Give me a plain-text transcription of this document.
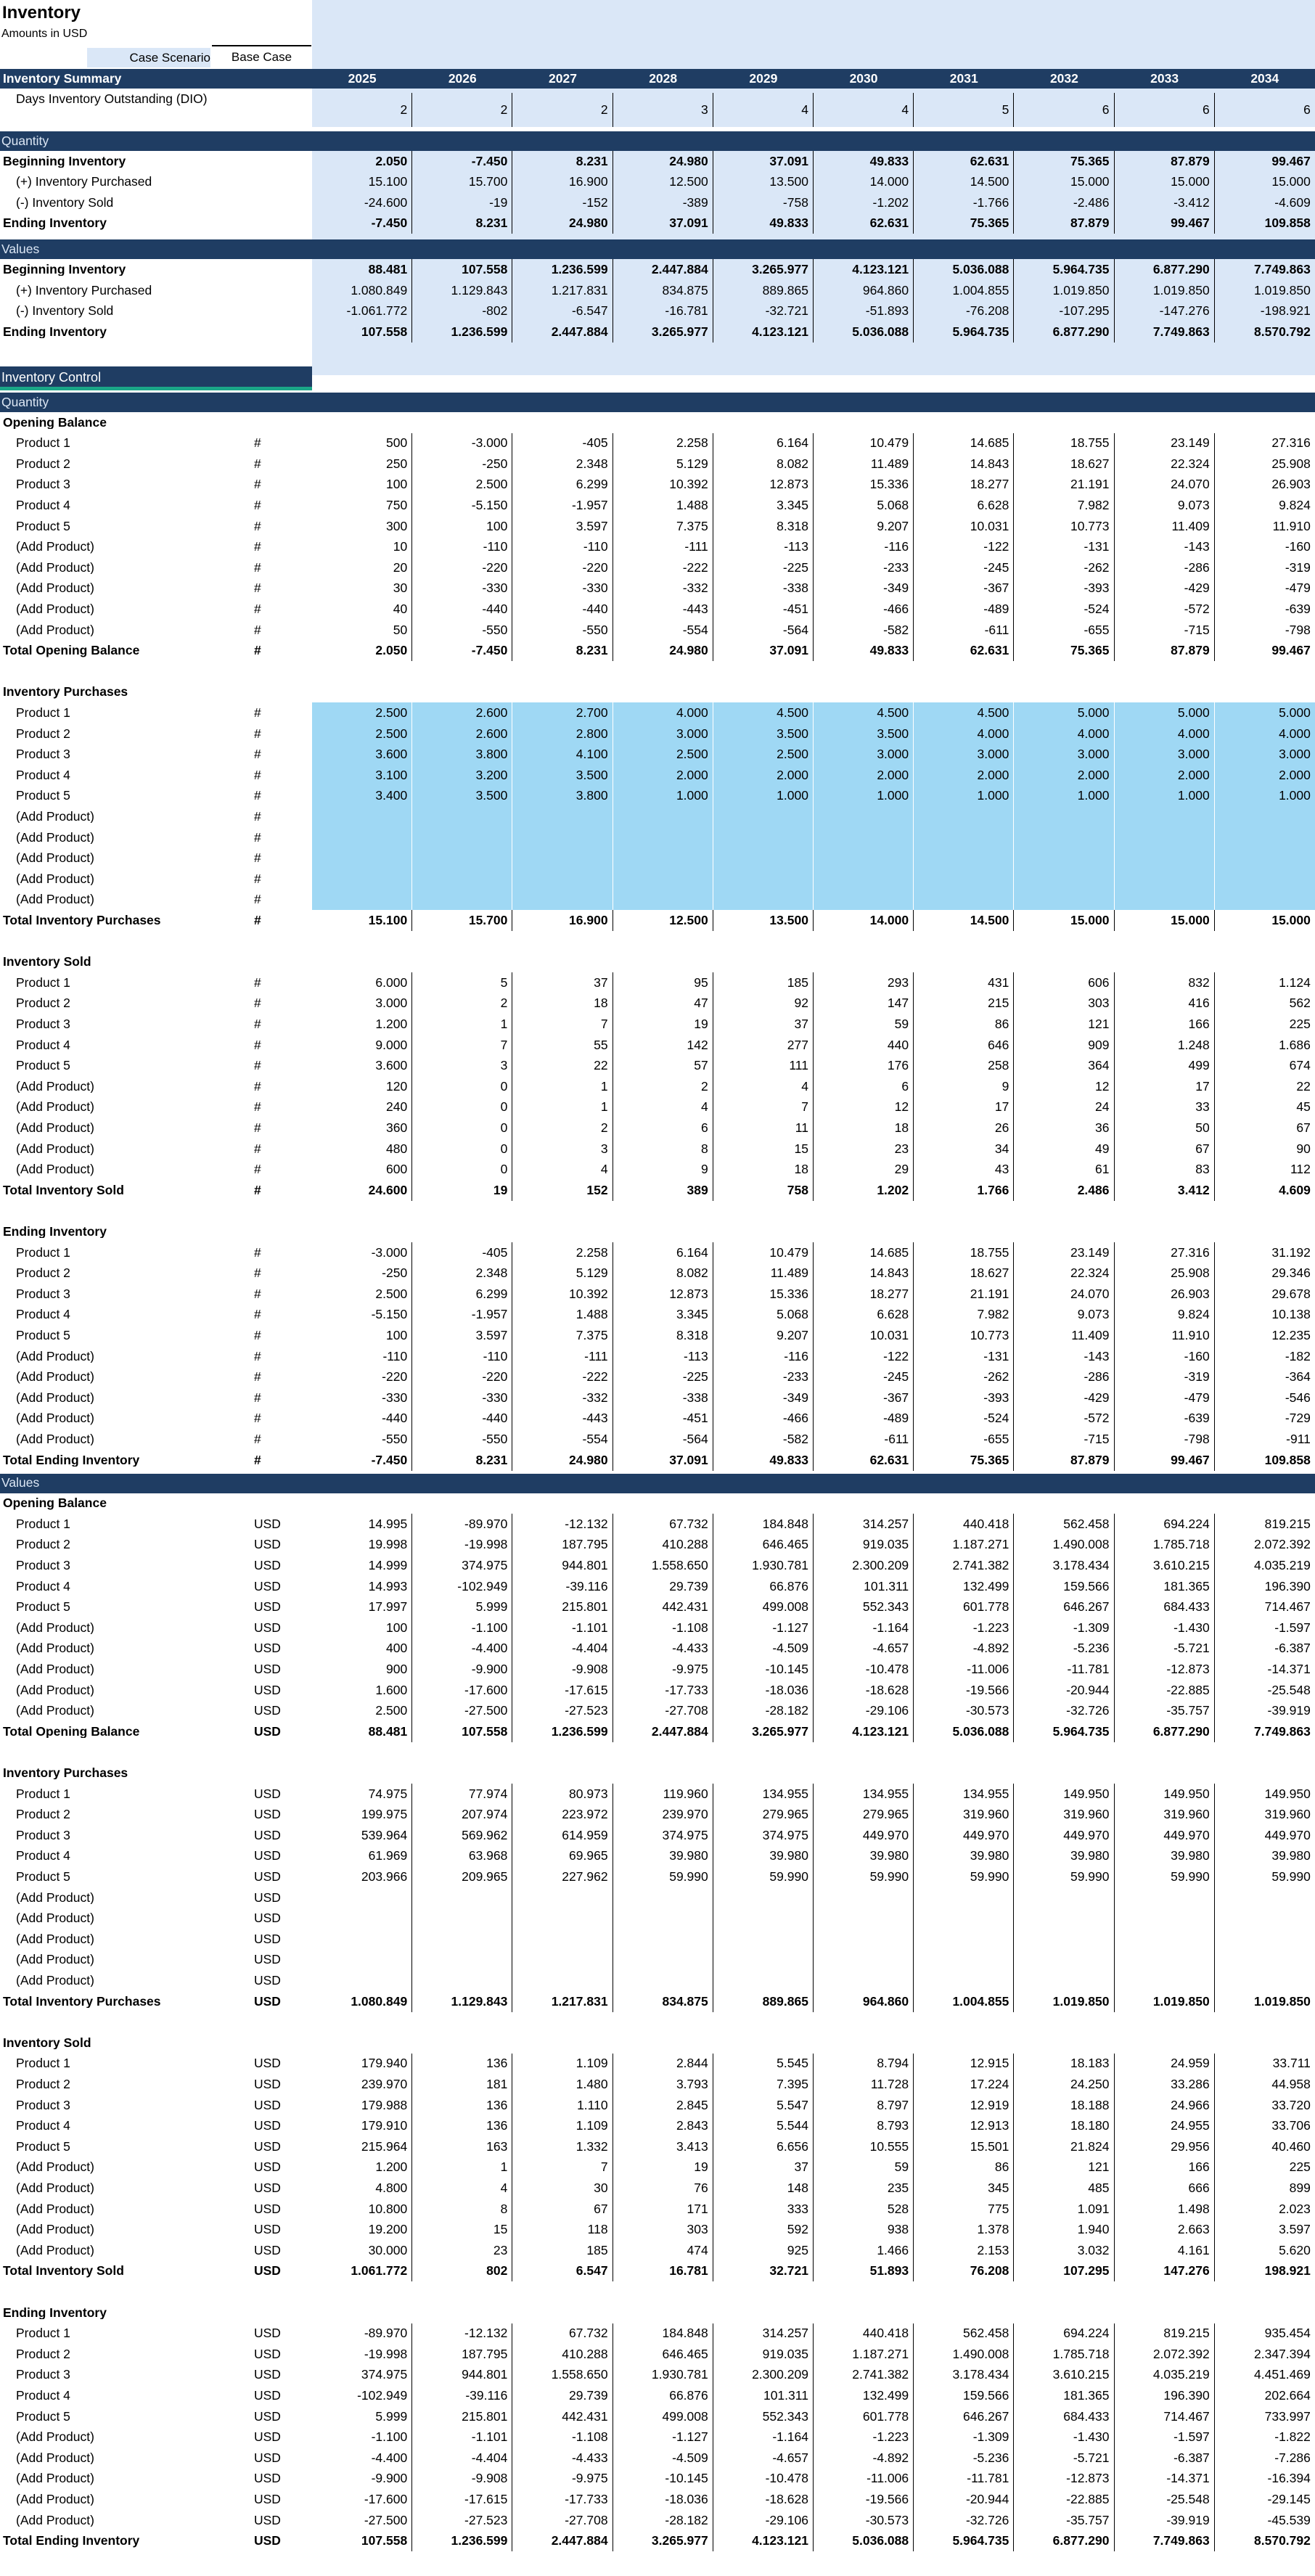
Inventory
Amounts in USD
Case Scenario	Base Case
Inventory Summary	2025	2026	2027	2028	2029	2030	2031	2032	2033	2034
Days Inventory Outstanding (DIO)
2	2	2	3	4	4	5	6	6	6
Quantity
Beginning Inventory	2.050	-7.450	8.231	24.980	37.091	49.833	62.631	75.365	87.879	99.467
(+) Inventory Purchased	15.100	15.700	16.900	12.500	13.500	14.000	14.500	15.000	15.000	15.000
(-) Inventory Sold	-24.600	-19	-152	-389	-758	-1.202	-1.766	-2.486	-3.412	-4.609
Ending Inventory	-7.450	8.231	24.980	37.091	49.833	62.631	75.365	87.879	99.467	109.858
Values
Beginning Inventory	88.481	107.558	1.236.599	2.447.884	3.265.977	4.123.121	5.036.088	5.964.735	6.877.290	7.749.863
(+) Inventory Purchased	1.080.849	1.129.843	1.217.831	834.875	889.865	964.860	1.004.855	1.019.850	1.019.850	1.019.850
(-) Inventory Sold	-1.061.772	-802	-6.547	-16.781	-32.721	-51.893	-76.208	-107.295	-147.276	-198.921
Ending Inventory	107.558	1.236.599	2.447.884	3.265.977	4.123.121	5.036.088	5.964.735	6.877.290	7.749.863	8.570.792
Quantity
Opening Balance
Product 1	#	500	-3.000	-405	2.258	6.164	10.479	14.685	18.755	23.149	27.316
Product 2	#	250	-250	2.348	5.129	8.082	11.489	14.843	18.627	22.324	25.908
Product 3	#	100	2.500	6.299	10.392	12.873	15.336	18.277	21.191	24.070	26.903
Product 4	#	750	-5.150	-1.957	1.488	3.345	5.068	6.628	7.982	9.073	9.824
Product 5	#	300	100	3.597	7.375	8.318	9.207	10.031	10.773	11.409	11.910
(Add Product)	#	10	-110	-110	-111	-113	-116	-122	-131	-143	-160
(Add Product)	#	20	-220	-220	-222	-225	-233	-245	-262	-286	-319
(Add Product)	#	30	-330	-330	-332	-338	-349	-367	-393	-429	-479
(Add Product)	#	40	-440	-440	-443	-451	-466	-489	-524	-572	-639
(Add Product)	#	50	-550	-550	-554	-564	-582	-611	-655	-715	-798
Total Opening Balance	#	2.050	-7.450	8.231	24.980	37.091	49.833	62.631	75.365	87.879	99.467
Inventory Purchases
Product 1	#	2.500	2.600	2.700	4.000	4.500	4.500	4.500	5.000	5.000	5.000
Product 2	#	2.500	2.600	2.800	3.000	3.500	3.500	4.000	4.000	4.000	4.000
Product 3	#	3.600	3.800	4.100	2.500	2.500	3.000	3.000	3.000	3.000	3.000
Product 4	#	3.100	3.200	3.500	2.000	2.000	2.000	2.000	2.000	2.000	2.000
Product 5	#	3.400	3.500	3.800	1.000	1.000	1.000	1.000	1.000	1.000	1.000
(Add Product)	#
(Add Product)	#
(Add Product)	#
(Add Product)	#
(Add Product)	#
Total Inventory Purchases	#	15.100	15.700	16.900	12.500	13.500	14.000	14.500	15.000	15.000	15.000
Inventory Sold
Product 1	#	6.000	5	37	95	185	293	431	606	832	1.124
Product 2	#	3.000	2	18	47	92	147	215	303	416	562
Product 3	#	1.200	1	7	19	37	59	86	121	166	225
Product 4	#	9.000	7	55	142	277	440	646	909	1.248	1.686
Product 5	#	3.600	3	22	57	111	176	258	364	499	674
(Add Product)	#	120	0	1	2	4	6	9	12	17	22
(Add Product)	#	240	0	1	4	7	12	17	24	33	45
(Add Product)	#	360	0	2	6	11	18	26	36	50	67
(Add Product)	#	480	0	3	8	15	23	34	49	67	90
(Add Product)	#	600	0	4	9	18	29	43	61	83	112
Total Inventory Sold	#	24.600	19	152	389	758	1.202	1.766	2.486	3.412	4.609
Ending Inventory
Product 1	#	-3.000	-405	2.258	6.164	10.479	14.685	18.755	23.149	27.316	31.192
Product 2	#	-250	2.348	5.129	8.082	11.489	14.843	18.627	22.324	25.908	29.346
Product 3	#	2.500	6.299	10.392	12.873	15.336	18.277	21.191	24.070	26.903	29.678
Product 4	#	-5.150	-1.957	1.488	3.345	5.068	6.628	7.982	9.073	9.824	10.138
Product 5	#	100	3.597	7.375	8.318	9.207	10.031	10.773	11.409	11.910	12.235
(Add Product)	#	-110	-110	-111	-113	-116	-122	-131	-143	-160	-182
(Add Product)	#	-220	-220	-222	-225	-233	-245	-262	-286	-319	-364
(Add Product)	#	-330	-330	-332	-338	-349	-367	-393	-429	-479	-546
(Add Product)	#	-440	-440	-443	-451	-466	-489	-524	-572	-639	-729
(Add Product)	#	-550	-550	-554	-564	-582	-611	-655	-715	-798	-911
Total Ending Inventory	#	-7.450	8.231	24.980	37.091	49.833	62.631	75.365	87.879	99.467	109.858
Values
Opening Balance
Product 1	USD	14.995	-89.970	-12.132	67.732	184.848	314.257	440.418	562.458	694.224	819.215
Product 2	USD	19.998	-19.998	187.795	410.288	646.465	919.035	1.187.271	1.490.008	1.785.718	2.072.392
Product 3	USD	14.999	374.975	944.801	1.558.650	1.930.781	2.300.209	2.741.382	3.178.434	3.610.215	4.035.219
Product 4	USD	14.993	-102.949	-39.116	29.739	66.876	101.311	132.499	159.566	181.365	196.390
Product 5	USD	17.997	5.999	215.801	442.431	499.008	552.343	601.778	646.267	684.433	714.467
(Add Product)	USD	100	-1.100	-1.101	-1.108	-1.127	-1.164	-1.223	-1.309	-1.430	-1.597
(Add Product)	USD	400	-4.400	-4.404	-4.433	-4.509	-4.657	-4.892	-5.236	-5.721	-6.387
(Add Product)	USD	900	-9.900	-9.908	-9.975	-10.145	-10.478	-11.006	-11.781	-12.873	-14.371
(Add Product)	USD	1.600	-17.600	-17.615	-17.733	-18.036	-18.628	-19.566	-20.944	-22.885	-25.548
(Add Product)	USD	2.500	-27.500	-27.523	-27.708	-28.182	-29.106	-30.573	-32.726	-35.757	-39.919
Total Opening Balance	USD	88.481	107.558	1.236.599	2.447.884	3.265.977	4.123.121	5.036.088	5.964.735	6.877.290	7.749.863
Inventory Purchases
Product 1	USD	74.975	77.974	80.973	119.960	134.955	134.955	134.955	149.950	149.950	149.950
Product 2	USD	199.975	207.974	223.972	239.970	279.965	279.965	319.960	319.960	319.960	319.960
Product 3	USD	539.964	569.962	614.959	374.975	374.975	449.970	449.970	449.970	449.970	449.970
Product 4	USD	61.969	63.968	69.965	39.980	39.980	39.980	39.980	39.980	39.980	39.980
Product 5	USD	203.966	209.965	227.962	59.990	59.990	59.990	59.990	59.990	59.990	59.990
(Add Product)	USD
(Add Product)	USD
(Add Product)	USD
(Add Product)	USD
(Add Product)	USD
Total Inventory Purchases	USD	1.080.849	1.129.843	1.217.831	834.875	889.865	964.860	1.004.855	1.019.850	1.019.850	1.019.850
Inventory Sold
Product 1	USD	179.940	136	1.109	2.844	5.545	8.794	12.915	18.183	24.959	33.711
Product 2	USD	239.970	181	1.480	3.793	7.395	11.728	17.224	24.250	33.286	44.958
Product 3	USD	179.988	136	1.110	2.845	5.547	8.797	12.919	18.188	24.966	33.720
Product 4	USD	179.910	136	1.109	2.843	5.544	8.793	12.913	18.180	24.955	33.706
Product 5	USD	215.964	163	1.332	3.413	6.656	10.555	15.501	21.824	29.956	40.460
(Add Product)	USD	1.200	1	7	19	37	59	86	121	166	225
(Add Product)	USD	4.800	4	30	76	148	235	345	485	666	899
(Add Product)	USD	10.800	8	67	171	333	528	775	1.091	1.498	2.023
(Add Product)	USD	19.200	15	118	303	592	938	1.378	1.940	2.663	3.597
(Add Product)	USD	30.000	23	185	474	925	1.466	2.153	3.032	4.161	5.620
Total Inventory Sold	USD	1.061.772	802	6.547	16.781	32.721	51.893	76.208	107.295	147.276	198.921
Ending Inventory
Product 1	USD	-89.970	-12.132	67.732	184.848	314.257	440.418	562.458	694.224	819.215	935.454
Product 2	USD	-19.998	187.795	410.288	646.465	919.035	1.187.271	1.490.008	1.785.718	2.072.392	2.347.394
Product 3	USD	374.975	944.801	1.558.650	1.930.781	2.300.209	2.741.382	3.178.434	3.610.215	4.035.219	4.451.469
Product 4	USD	-102.949	-39.116	29.739	66.876	101.311	132.499	159.566	181.365	196.390	202.664
Product 5	USD	5.999	215.801	442.431	499.008	552.343	601.778	646.267	684.433	714.467	733.997
(Add Product)	USD	-1.100	-1.101	-1.108	-1.127	-1.164	-1.223	-1.309	-1.430	-1.597	-1.822
(Add Product)	USD	-4.400	-4.404	-4.433	-4.509	-4.657	-4.892	-5.236	-5.721	-6.387	-7.286
(Add Product)	USD	-9.900	-9.908	-9.975	-10.145	-10.478	-11.006	-11.781	-12.873	-14.371	-16.394
(Add Product)	USD	-17.600	-17.615	-17.733	-18.036	-18.628	-19.566	-20.944	-22.885	-25.548	-29.145
(Add Product)	USD	-27.500	-27.523	-27.708	-28.182	-29.106	-30.573	-32.726	-35.757	-39.919	-45.539
Total Ending Inventory	USD	107.558	1.236.599	2.447.884	3.265.977	4.123.121	5.036.088	5.964.735	6.877.290	7.749.863	8.570.792
Inventory Control
